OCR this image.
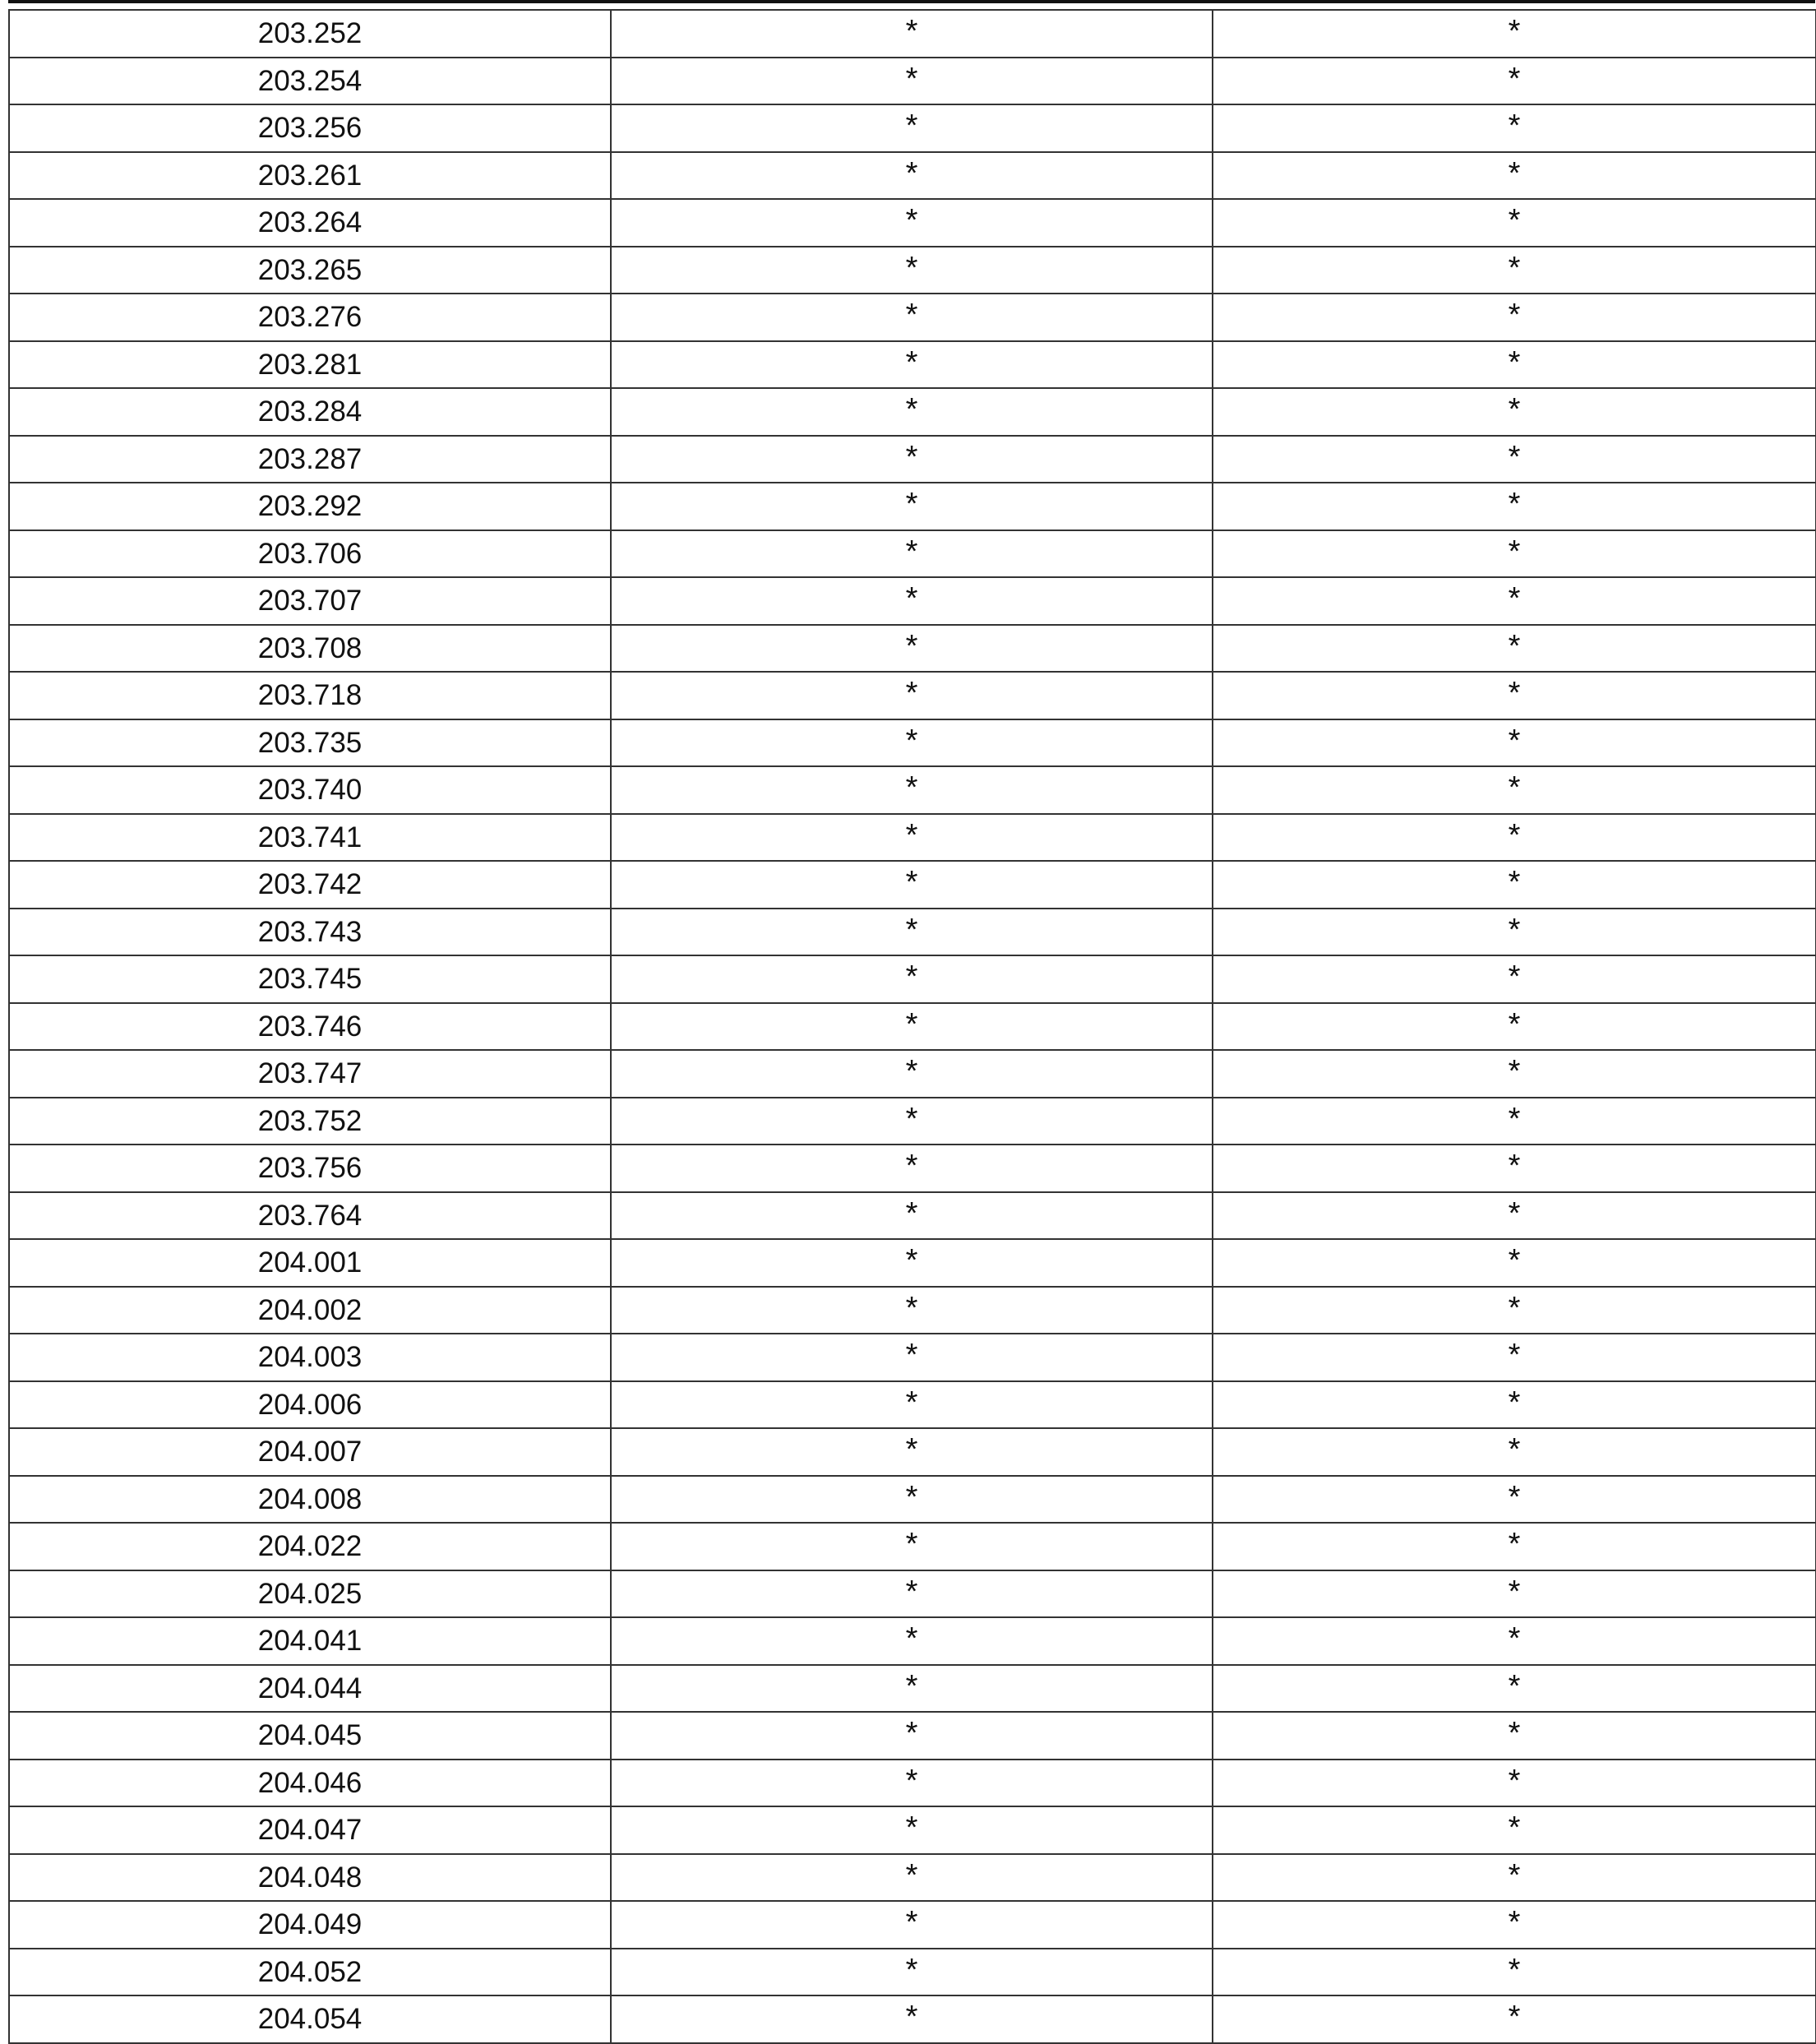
203.252	*	*
203.254	*	*
203.256	*	*
203.261	*	*
203.264	*	*
203.265	*	*
203.276	*	*
203.281	*	*
203.284	*	*
203.287	*	*
203.292	*	*
203.706	*	*
203.707	*	*
203.708	*	*
203.718	*	*
203.735	*	*
203.740	*	*
203.741	*	*
203.742	*	*
203.743	*	*
203.745	*	*
203.746	*	*
203.747	*	*
203.752	*	*
203.756	*	*
203.764	*	*
204.001	*	*
204.002	*	*
204.003	*	*
204.006	*	*
204.007	*	*
204.008	*	*
204.022	*	*
204.025	*	*
204.041	*	*
204.044	*	*
204.045	*	*
204.046	*	*
204.047	*	*
204.048	*	*
204.049	*	*
204.052	*	*
204.054	*	*
